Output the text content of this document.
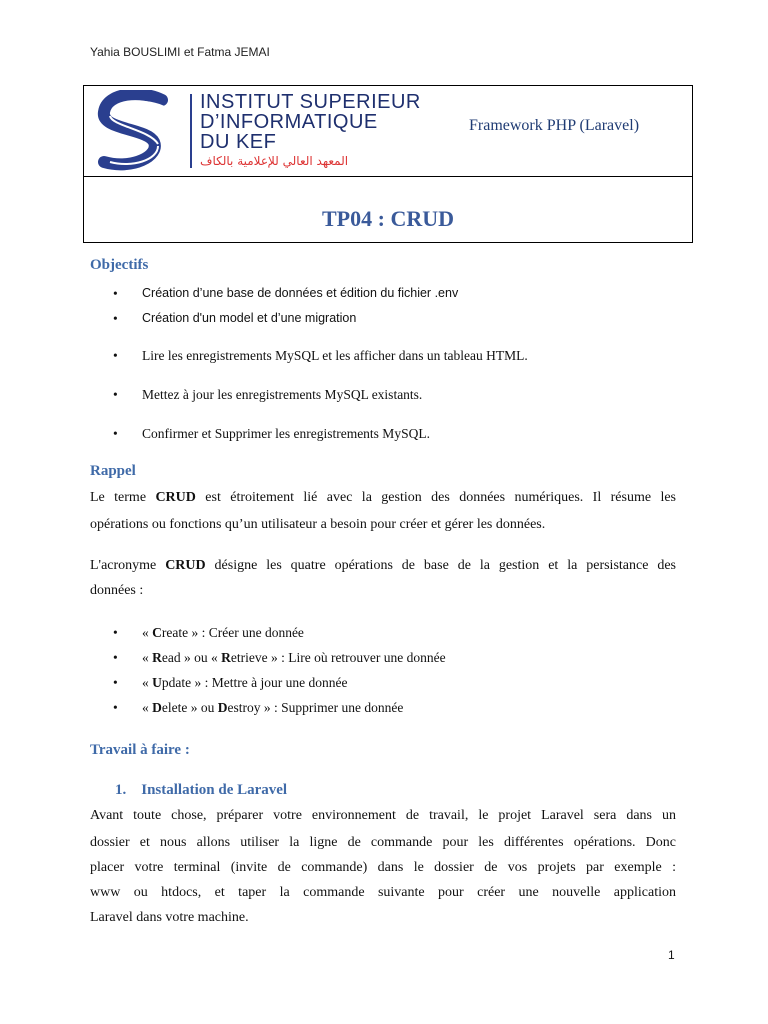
Yahia BOUSLIMI et Fatma JEMAI
INSTITUT SUPERIEUR
D’INFORMATIQUE
DU KEF
المعهد العالي للإعلامية بالكاف
Framework PHP (Laravel)
TP04 : CRUD
Objectifs
Création d’une base de données et édition du fichier .env
Création d'un model et d’une migration
Lire les enregistrements MySQL et les afficher dans un tableau HTML.
Mettez à jour les enregistrements MySQL existants.
Confirmer et Supprimer les enregistrements MySQL.
Rappel
Le terme CRUD est étroitement lié avec la gestion des données numériques. Il résume les
opérations ou fonctions qu’un utilisateur a besoin pour créer et gérer les données.
L'acronyme CRUD désigne les quatre opérations de base de la gestion et la persistance des
données :
« Create » : Créer une donnée
« Read » ou « Retrieve » : Lire où retrouver une donnée
« Update » : Mettre à jour une donnée
« Delete » ou Destroy » : Supprimer une donnée
Travail à faire :
1. Installation de Laravel
Avant toute chose, préparer votre environnement de travail, le projet Laravel sera dans un
dossier et nous allons utiliser la ligne de commande pour les différentes opérations. Donc
placer votre terminal (invite de commande) dans le dossier de vos projets par exemple :
www ou htdocs, et taper la commande suivante pour créer une nouvelle application
Laravel dans votre machine.
1
